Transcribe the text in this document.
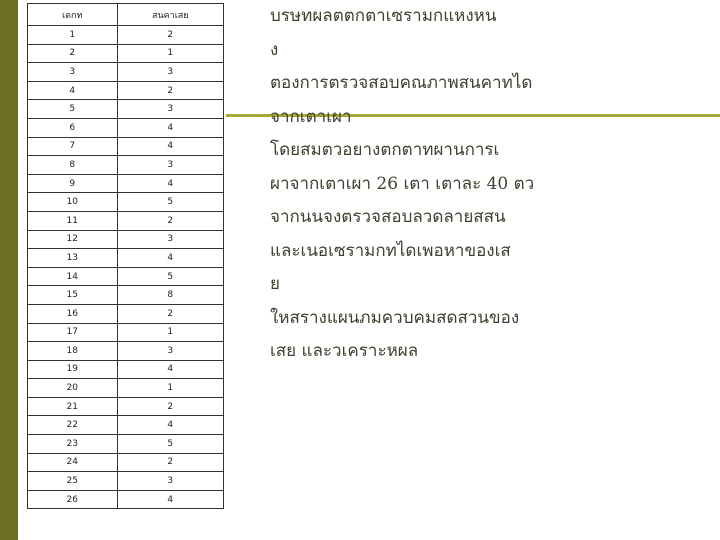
เดกท	สนคาเสย
1	2
2	1
3	3
4	2
5	3
6	4
7	4
8	3
9	4
10	5
11	2
12	3
13	4
14	5
15	8
16	2
17	1
18	3
19	4
20	1
21	2
22	4
23	5
24	2
25	3
26	4
บรษทผลตตกตาเซรามกแหงหน
ง
ตองการตรวจสอบคณภาพสนคาทได
จากเตาเผา
โดยสมตวอยางตกตาทผานการเ
ผาจากเตาเผา 26 เตา เตาละ 40 ตว
จากนนจงตรวจสอบลวดลายสสน
และเนอเซรามกทไดเพอหาของเส
ย
ใหสรางแผนภมควบคมสดสวนของ
เสย และวเคราะหผล
